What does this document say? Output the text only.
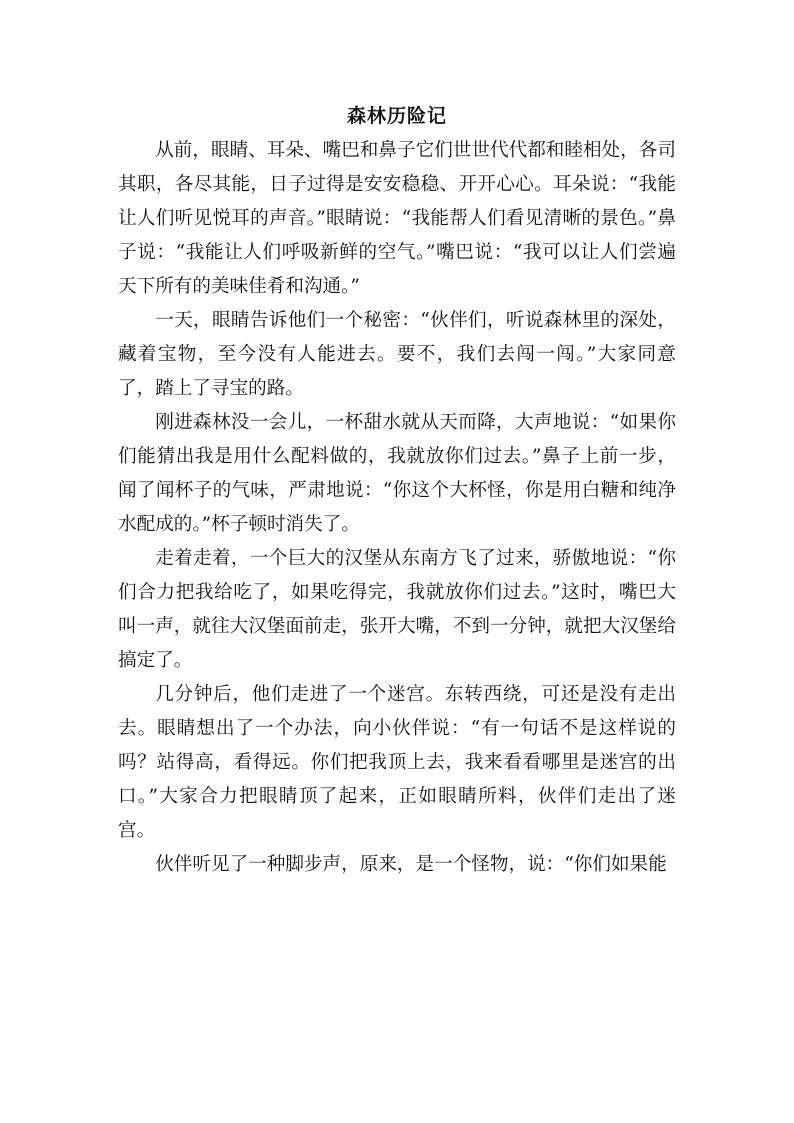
森林历险记

从前，眼睛、耳朵、嘴巴和鼻子它们世世代代都和睦相处，各司其职，各尽其能，日子过得是安安稳稳、开开心心。耳朵说：“我能让人们听见悦耳的声音。”眼睛说：“我能帮人们看见清晰的景色。”鼻子说：“我能让人们呼吸新鲜的空气。”嘴巴说：“我可以让人们尝遍天下所有的美味佳肴和沟通。”

一天，眼睛告诉他们一个秘密：“伙伴们，听说森林里的深处，藏着宝物，至今没有人能进去。要不，我们去闯一闯。”大家同意了，踏上了寻宝的路。

刚进森林没一会儿，一杯甜水就从天而降，大声地说：“如果你们能猜出我是用什么配料做的，我就放你们过去。”鼻子上前一步，闻了闻杯子的气味，严肃地说：“你这个大杯怪，你是用白糖和纯净水配成的。”杯子顿时消失了。

走着走着，一个巨大的汉堡从东南方飞了过来，骄傲地说：“你们合力把我给吃了，如果吃得完，我就放你们过去。”这时，嘴巴大叫一声，就往大汉堡面前走，张开大嘴，不到一分钟，就把大汉堡给搞定了。

几分钟后，他们走进了一个迷宫。东转西绕，可还是没有走出去。眼睛想出了一个办法，向小伙伴说：“有一句话不是这样说的吗？站得高，看得远。你们把我顶上去，我来看看哪里是迷宫的出口。”大家合力把眼睛顶了起来，正如眼睛所料，伙伴们走出了迷宫。

伙伴听见了一种脚步声，原来，是一个怪物，说：“你们如果能
